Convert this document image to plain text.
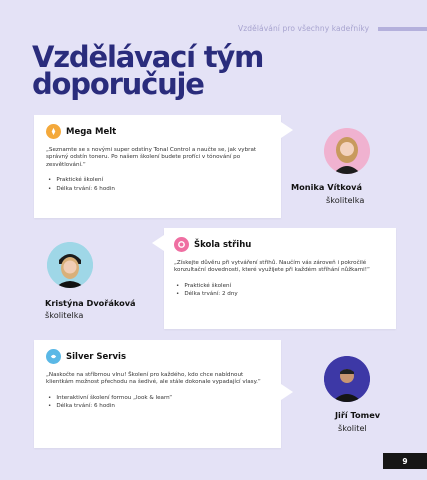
Vzdělávání pro všechny kadeřníky
Vzdělávací tým
doporučuje
Mega Melt
„Seznamte se s novými super odstíny Tonal Control a naučte se, jak vybrat správný odstín toneru. Po našem školení budete profíci v tónování po zesvětlování.“
• Praktické školení
• Délka trvání: 6 hodin	Monika Vítková
školitelka
Škola střihu
„Získejte důvěru při vytváření střihů. Naučím vás zároveň i pokročilé konzultační dovednosti, které využijete při každém stříhání nůžkami!“
• Praktické školení
• Délka trvání: 2 dny
Kristýna Dvořáková
školitelka
Silver Servis
„Naskočte na stříbrnou vlnu! Školení pro každého, kdo chce nabídnout klientkám možnost přechodu na šedivé, ale stále dokonale vypadající vlasy.“
• Interaktivní školení formou „look & learn“
• Délka trvání: 6 hodin
Jiří Tomev
školitel
9
